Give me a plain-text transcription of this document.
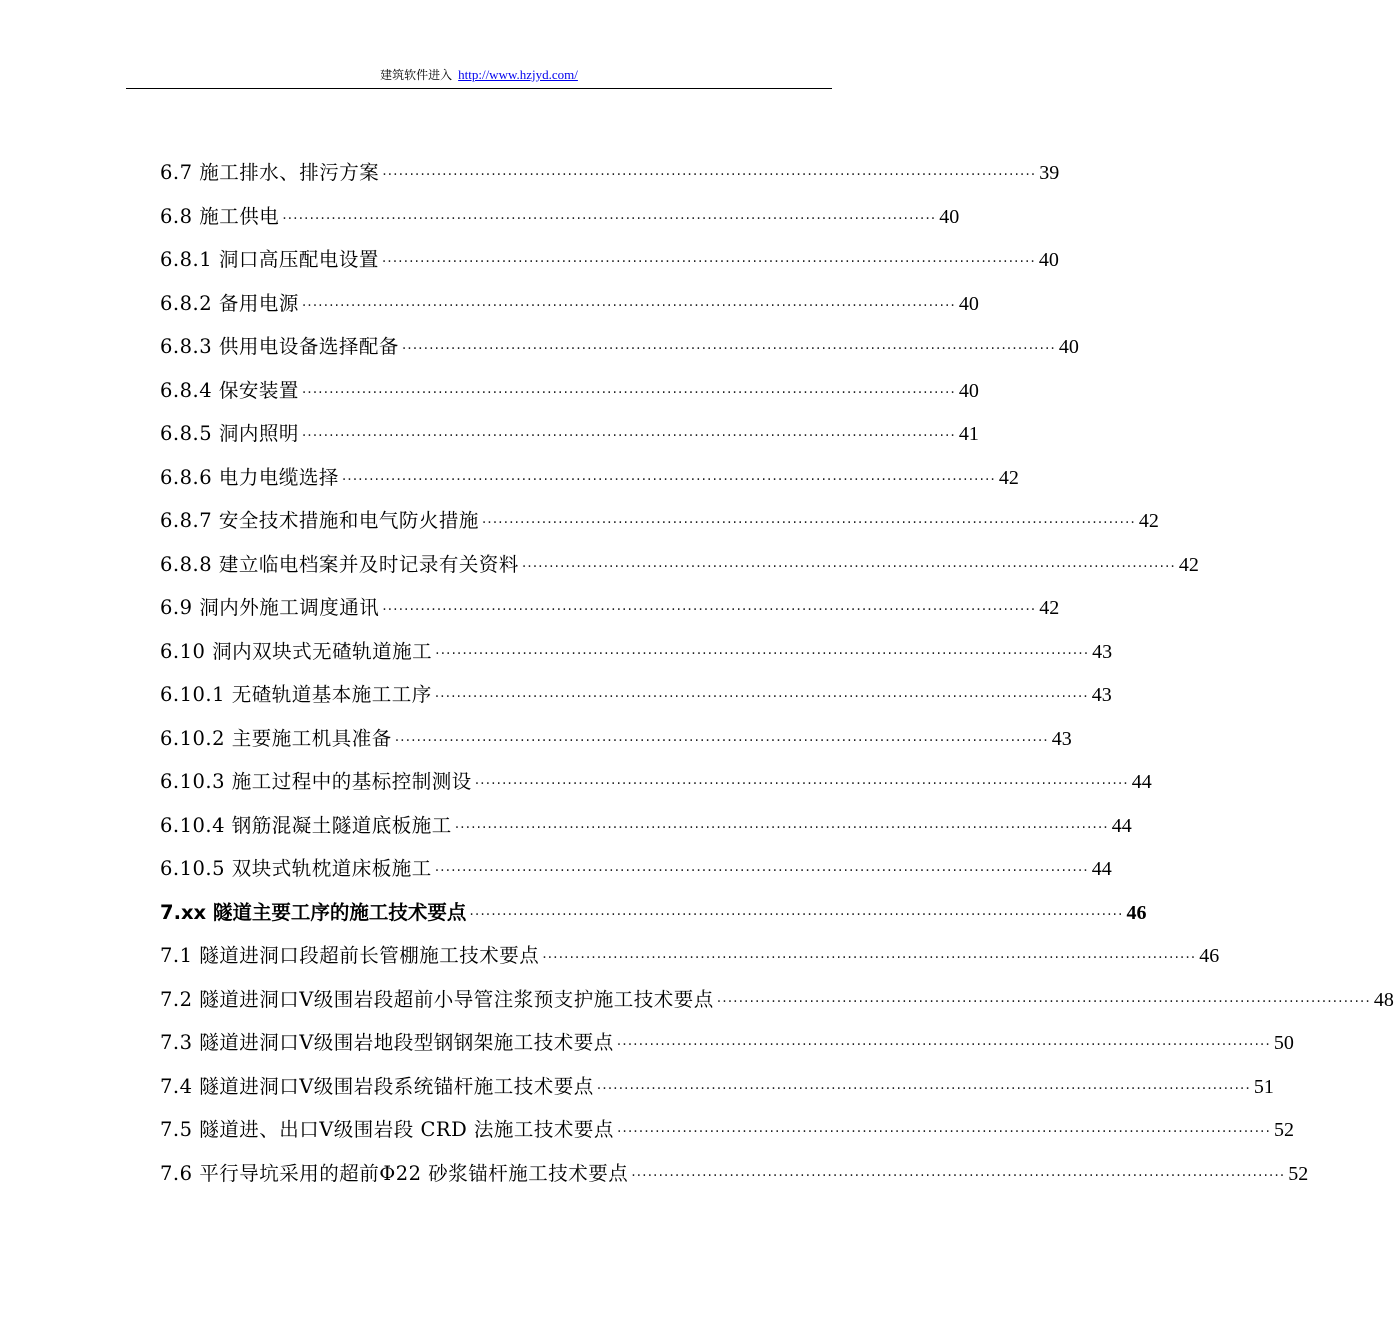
建筑软件进入 http://www.hzjyd.com/
6.7 施工排水、排污方案 ························································································································ 39
6.8 施工供电 ························································································································ 40
6.8.1 洞口高压配电设置 ························································································································ 40
6.8.2 备用电源 ························································································································ 40
6.8.3 供用电设备选择配备 ························································································································ 40
6.8.4 保安装置 ························································································································ 40
6.8.5 洞内照明 ························································································································ 41
6.8.6 电力电缆选择 ························································································································ 42
6.8.7 安全技术措施和电气防火措施 ························································································································ 42
6.8.8 建立临电档案并及时记录有关资料 ························································································································ 42
6.9 洞内外施工调度通讯 ························································································································ 42
6.10 洞内双块式无碴轨道施工 ························································································································ 43
6.10.1 无碴轨道基本施工工序 ························································································································ 43
6.10.2 主要施工机具准备 ························································································································ 43
6.10.3 施工过程中的基标控制测设 ························································································································ 44
6.10.4 钢筋混凝土隧道底板施工 ························································································································ 44
6.10.5 双块式轨枕道床板施工 ························································································································ 44
7.xx 隧道主要工序的施工技术要点 ························································································································ 46
7.1 隧道进洞口段超前长管棚施工技术要点 ························································································································ 46
7.2 隧道进洞口Ⅴ级围岩段超前小导管注浆预支护施工技术要点 ························································································································ 48
7.3 隧道进洞口Ⅴ级围岩地段型钢钢架施工技术要点 ························································································································ 50
7.4 隧道进洞口Ⅴ级围岩段系统锚杆施工技术要点 ························································································································ 51
7.5 隧道进、出口Ⅴ级围岩段 CRD 法施工技术要点 ························································································································ 52
7.6 平行导坑采用的超前Φ22 砂浆锚杆施工技术要点 ························································································································ 52
